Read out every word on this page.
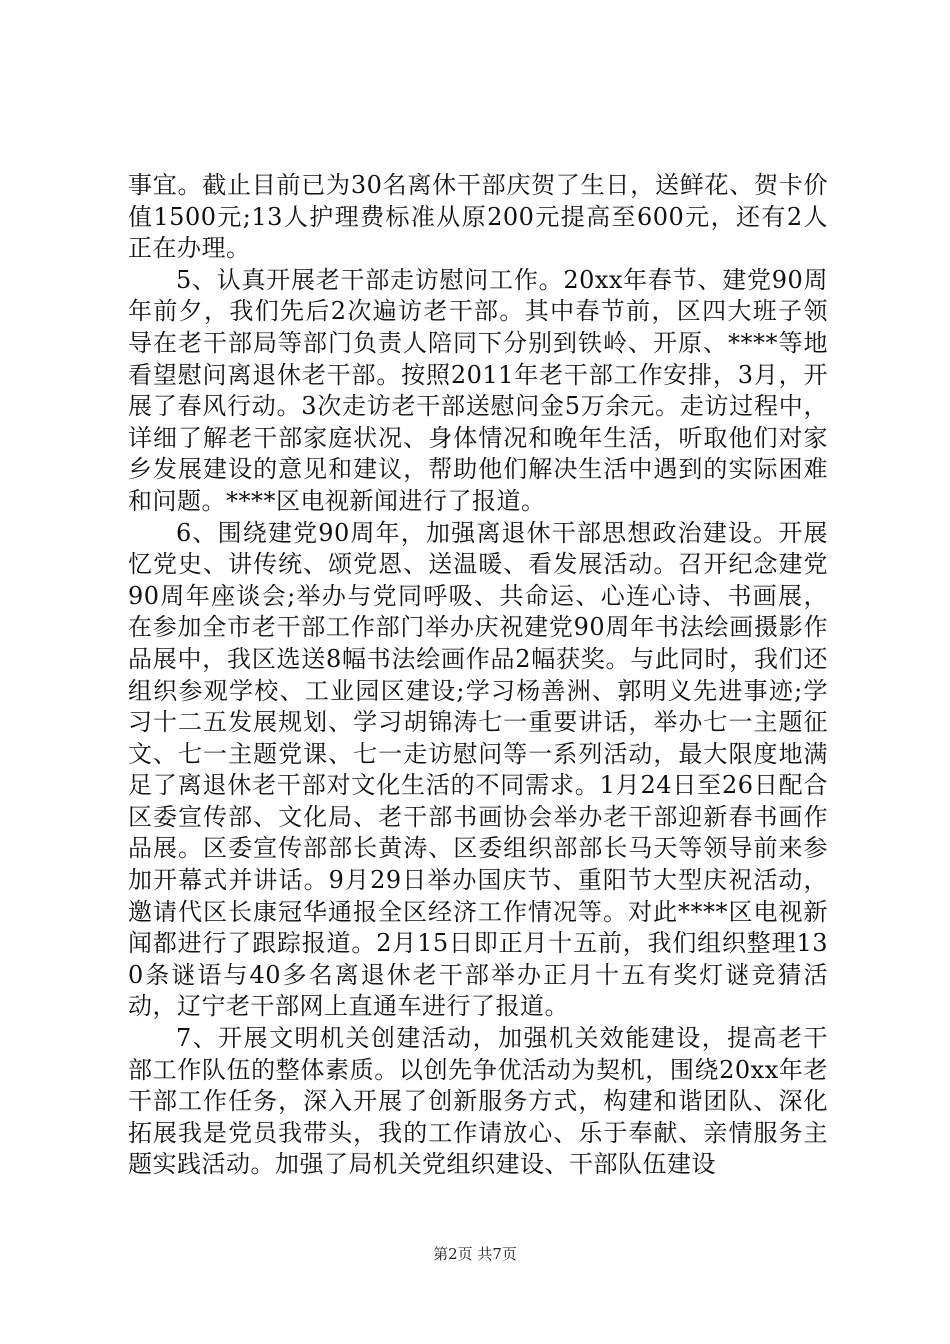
事宜。截止目前已为30名离休干部庆贺了生日，送鲜花、贺卡价值1500元;13人护理费标准从原200元提高至600元，还有2人正在办理。

5、认真开展老干部走访慰问工作。20xx年春节、建党90周年前夕，我们先后2次遍访老干部。其中春节前，区四大班子领导在老干部局等部门负责人陪同下分别到铁岭、开原、****等地看望慰问离退休老干部。按照2011年老干部工作安排，3月，开展了春风行动。3次走访老干部送慰问金5万余元。走访过程中，详细了解老干部家庭状况、身体情况和晚年生活，听取他们对家乡发展建设的意见和建议，帮助他们解决生活中遇到的实际困难和问题。****区电视新闻进行了报道。

6、围绕建党90周年，加强离退休干部思想政治建设。开展忆党史、讲传统、颂党恩、送温暖、看发展活动。召开纪念建党90周年座谈会;举办与党同呼吸、共命运、心连心诗、书画展，在参加全市老干部工作部门举办庆祝建党90周年书法绘画摄影作品展中，我区选送8幅书法绘画作品2幅获奖。与此同时，我们还组织参观学校、工业园区建设;学习杨善洲、郭明义先进事迹;学习十二五发展规划、学习胡锦涛七一重要讲话，举办七一主题征文、七一主题党课、七一走访慰问等一系列活动，最大限度地满足了离退休老干部对文化生活的不同需求。1月24日至26日配合区委宣传部、文化局、老干部书画协会举办老干部迎新春书画作品展。区委宣传部部长黄涛、区委组织部部长马天等领导前来参加开幕式并讲话。9月29日举办国庆节、重阳节大型庆祝活动，邀请代区长康冠华通报全区经济工作情况等。对此****区电视新闻都进行了跟踪报道。2月15日即正月十五前，我们组织整理130条谜语与40多名离退休老干部举办正月十五有奖灯谜竞猜活动，辽宁老干部网上直通车进行了报道。

7、开展文明机关创建活动，加强机关效能建设，提高老干部工作队伍的整体素质。以创先争优活动为契机，围绕20xx年老干部工作任务，深入开展了创新服务方式，构建和谐团队、深化拓展我是党员我带头，我的工作请放心、乐于奉献、亲情服务主题实践活动。加强了局机关党组织建设、干部队伍建设

第2页 共7页
